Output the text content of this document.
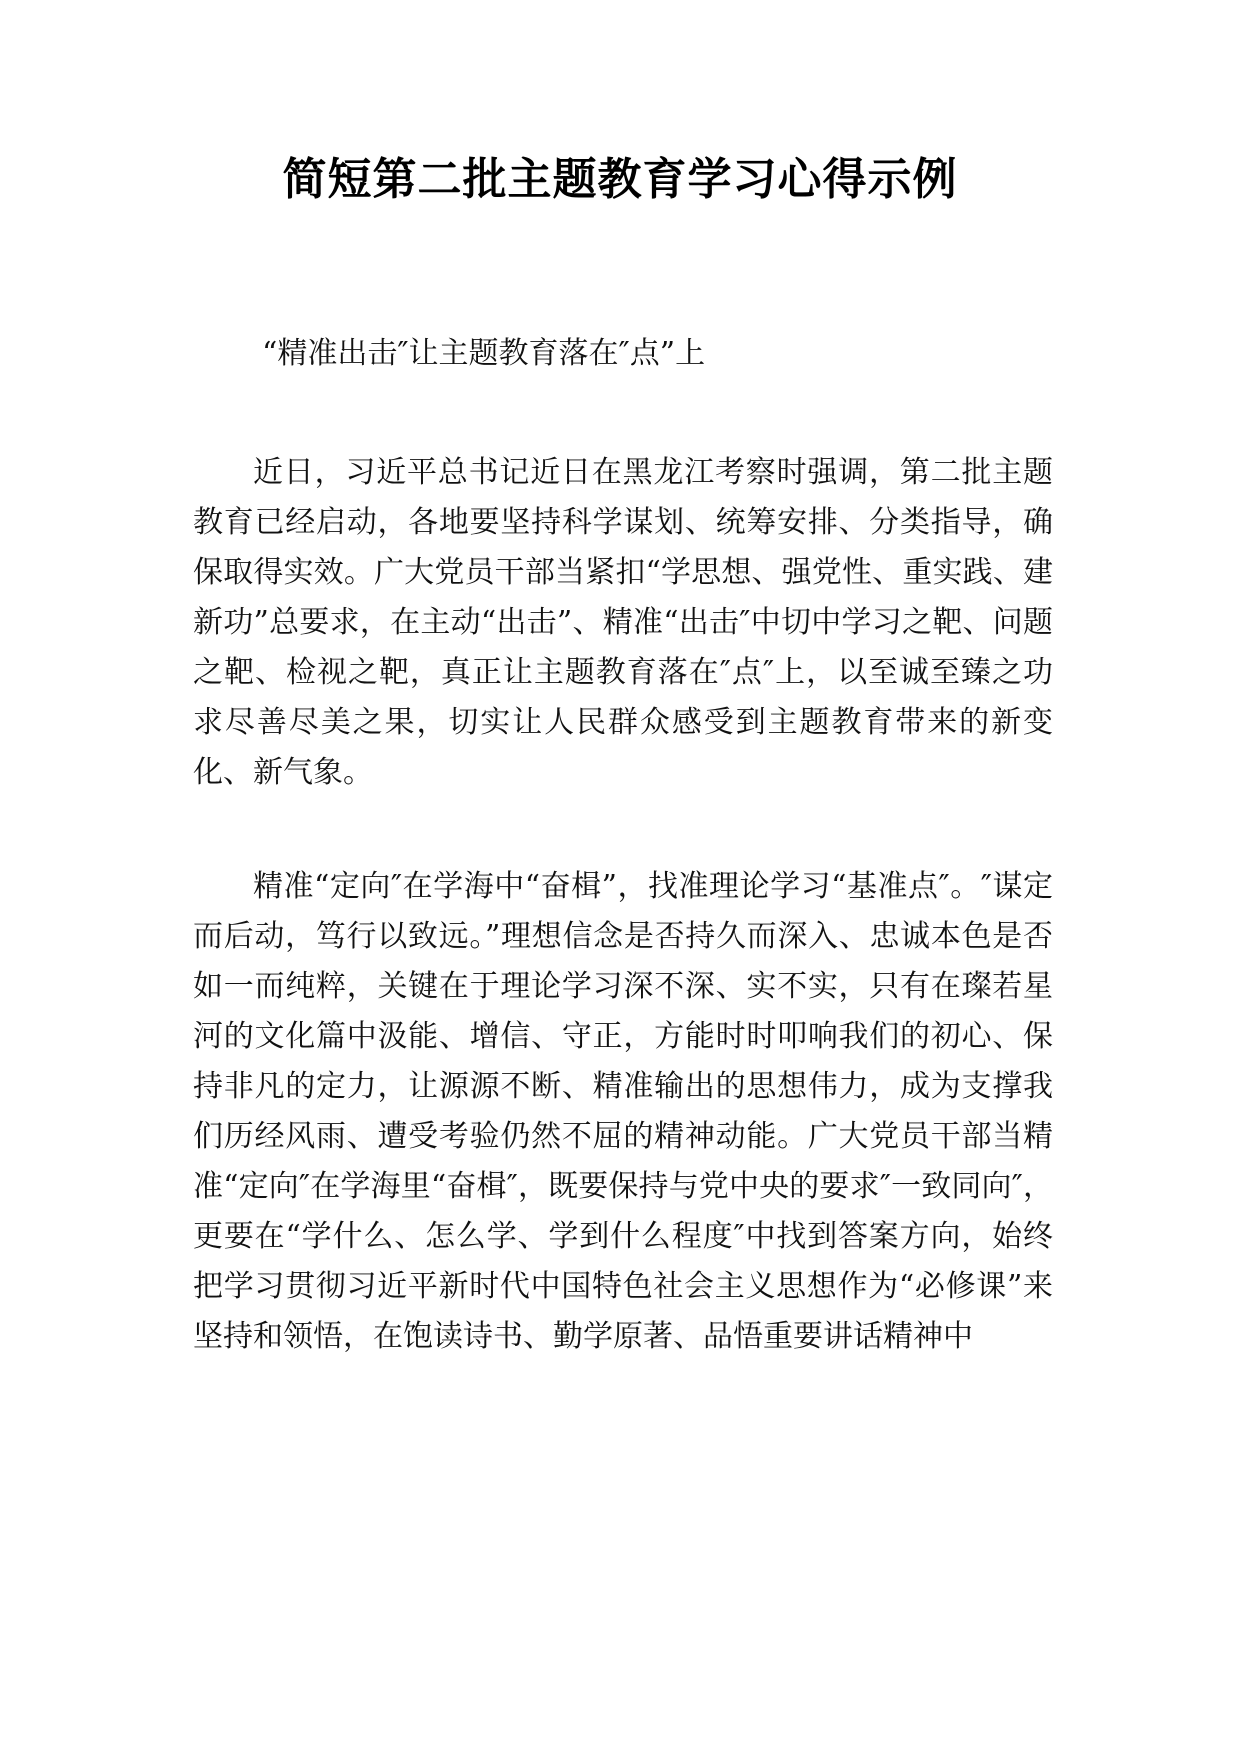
简短第二批主题教育学习心得示例

“精准出击″让主题教育落在″点”上

近日，习近平总书记近日在黑龙江考察时强调，第二批主题教育已经启动，各地要坚持科学谋划、统筹安排、分类指导，确保取得实效。广大党员干部当紧扣“学思想、强党性、重实践、建新功”总要求，在主动“出击”、精准“出击″中切中学习之靶、问题之靶、检视之靶，真正让主题教育落在″点″上，以至诚至臻之功求尽善尽美之果，切实让人民群众感受到主题教育带来的新变化、新气象。

精准“定向″在学海中“奋楫”，找准理论学习“基准点″。″谋定而后动，笃行以致远。”理想信念是否持久而深入、忠诚本色是否如一而纯粹，关键在于理论学习深不深、实不实，只有在璨若星河的文化篇中汲能、增信、守正，方能时时叩响我们的初心、保持非凡的定力，让源源不断、精准输出的思想伟力，成为支撑我们历经风雨、遭受考验仍然不屈的精神动能。广大党员干部当精准“定向″在学海里“奋楫″，既要保持与党中央的要求″一致同向″，更要在“学什么、怎么学、学到什么程度″中找到答案方向，始终把学习贯彻习近平新时代中国特色社会主义思想作为“必修课”来坚持和领悟，在饱读诗书、勤学原著、品悟重要讲话精神中
